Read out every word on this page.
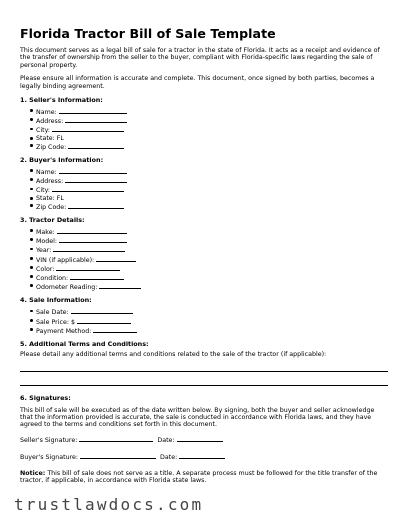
Florida Tractor Bill of Sale Template

This document serves as a legal bill of sale for a tractor in the state of Florida. It acts as a receipt and evidence of the transfer of ownership from the seller to the buyer, compliant with Florida-specific laws regarding the sale of personal property.

Please ensure all information is accurate and complete. This document, once signed by both parties, becomes a legally binding agreement.

1. Seller's Information:
Name:
Address:
City:
State: FL
Zip Code:
2. Buyer's Information:
Name:
Address:
City:
State: FL
Zip Code:
3. Tractor Details:
Make:
Model:
Year:
VIN (if applicable):
Color:
Condition:
Odometer Reading:
4. Sale Information:
Sale Date:
Sale Price: $
Payment Method:
5. Additional Terms and Conditions:

Please detail any additional terms and conditions related to the sale of the tractor (if applicable):

6. Signatures:

This bill of sale will be executed as of the date written below. By signing, both the buyer and seller acknowledge that the information provided is accurate, the sale is conducted in accordance with Florida laws, and they have agreed to the terms and conditions set forth in this document.

Seller's Signature:	Date:
Buyer's Signature:	Date:

Notice: This bill of sale does not serve as a title. A separate process must be followed for the title transfer of the tractor, if applicable, in accordance with Florida state laws.

trustlawdocs.com
